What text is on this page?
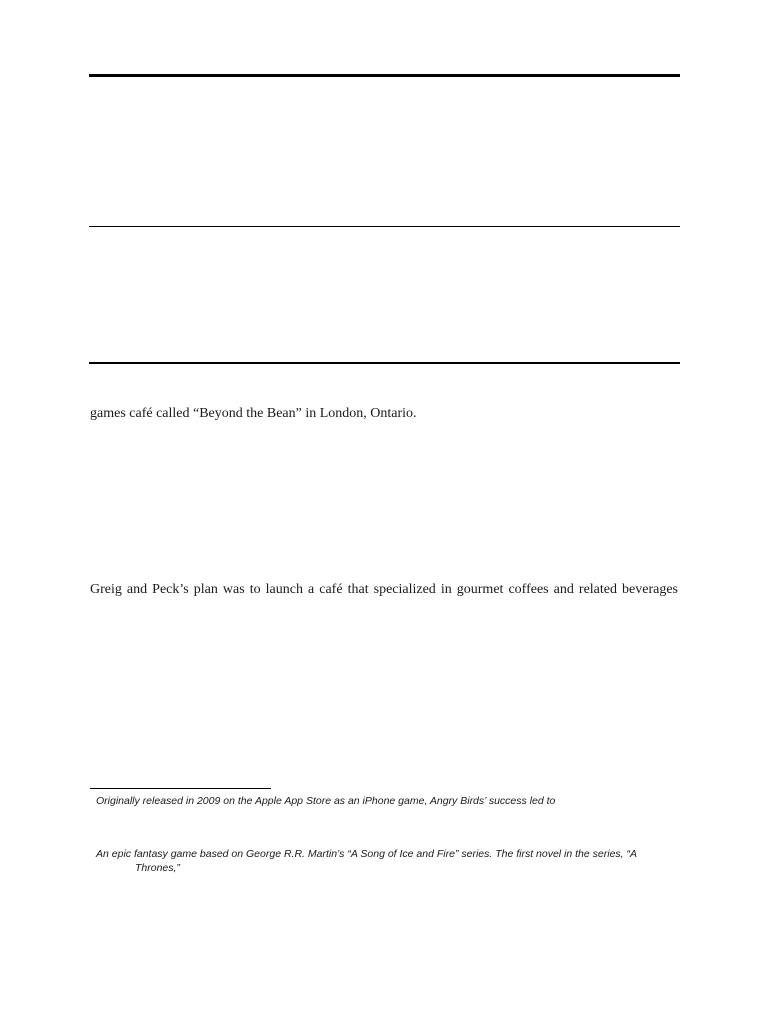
games café called “Beyond the Bean” in London, Ontario.

Greig and Peck’s plan was to launch a café that specialized in gourmet coffees and related beverages

Originally released in 2009 on the Apple App Store as an iPhone game, Angry Birds’ success led to

An epic fantasy game based on George R.R. Martin’s “A Song of Ice and Fire” series. The first novel in the series, “A

Thrones,”
